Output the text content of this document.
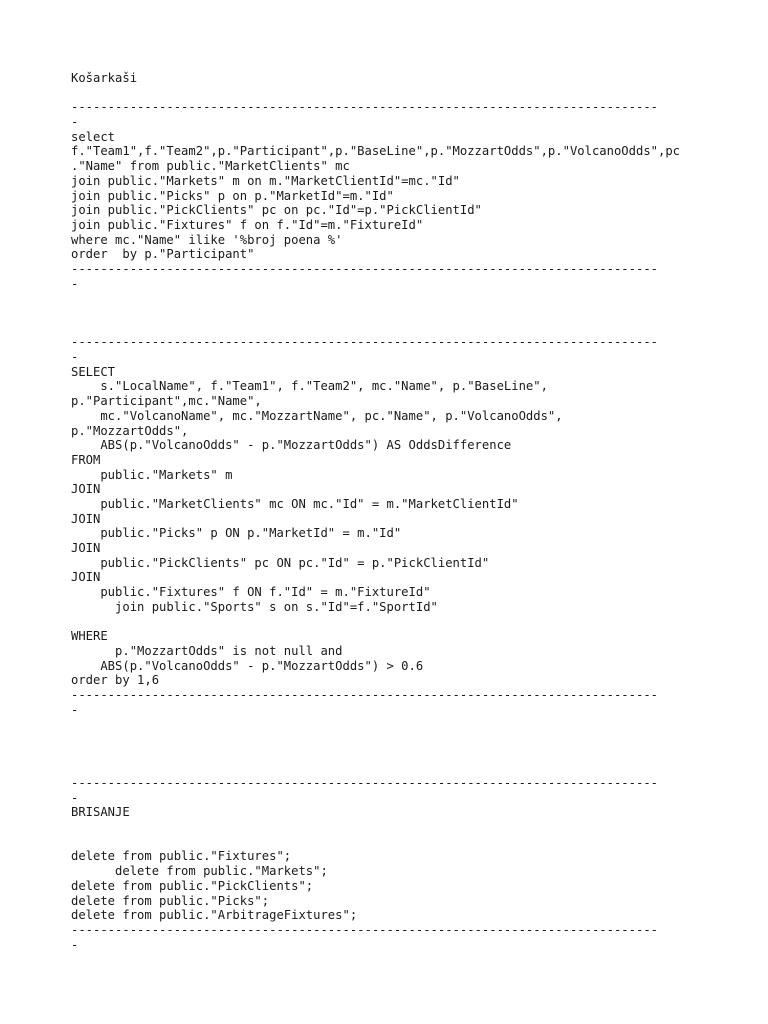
Košarkaši
--------------------------------------------------------------------------------
-
select
f."Team1",f."Team2",p."Participant",p."BaseLine",p."MozzartOdds",p."VolcanoOdds",pc
."Name" from public."MarketClients" mc
join public."Markets" m on m."MarketClientId"=mc."Id"
join public."Picks" p on p."MarketId"=m."Id"
join public."PickClients" pc on pc."Id"=p."PickClientId"
join public."Fixtures" f on f."Id"=m."FixtureId"
where mc."Name" ilike '%broj poena %'
order  by p."Participant"
--------------------------------------------------------------------------------
-
--------------------------------------------------------------------------------
-
SELECT
s."LocalName", f."Team1", f."Team2", mc."Name", p."BaseLine",
p."Participant",mc."Name",
mc."VolcanoName", mc."MozzartName", pc."Name", p."VolcanoOdds",
p."MozzartOdds",
ABS(p."VolcanoOdds" - p."MozzartOdds") AS OddsDifference
FROM
public."Markets" m
JOIN
public."MarketClients" mc ON mc."Id" = m."MarketClientId"
JOIN
public."Picks" p ON p."MarketId" = m."Id"
JOIN
public."PickClients" pc ON pc."Id" = p."PickClientId"
JOIN
public."Fixtures" f ON f."Id" = m."FixtureId"
join public."Sports" s on s."Id"=f."SportId"
WHERE
p."MozzartOdds" is not null and
ABS(p."VolcanoOdds" - p."MozzartOdds") > 0.6
order by 1,6
--------------------------------------------------------------------------------
-
--------------------------------------------------------------------------------
-
BRISANJE
delete from public."Fixtures";
delete from public."Markets";
delete from public."PickClients";
delete from public."Picks";
delete from public."ArbitrageFixtures";
--------------------------------------------------------------------------------
-
